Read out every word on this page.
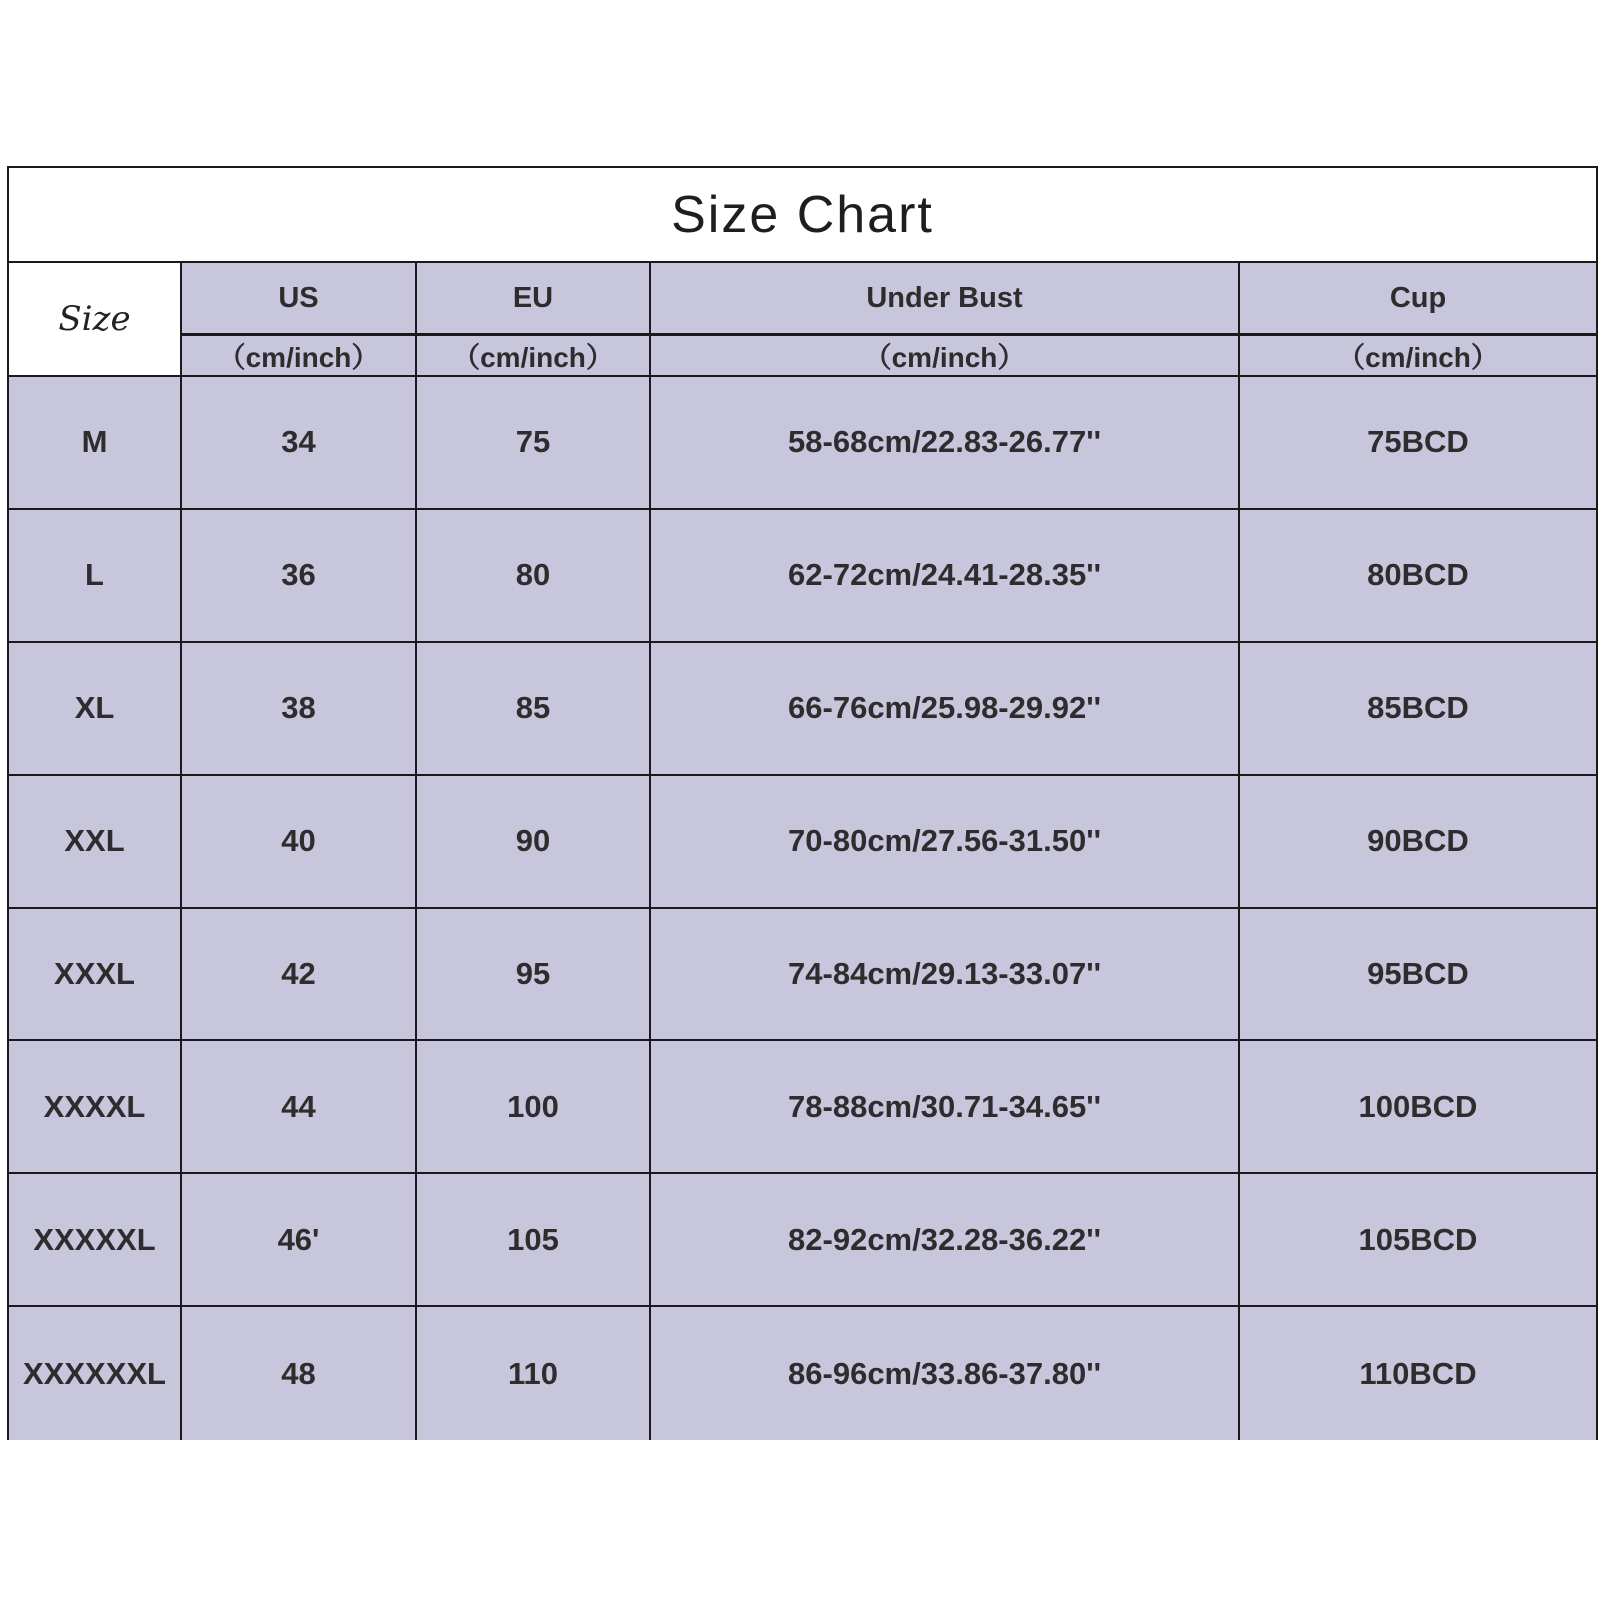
Size Chart
Size
US	EU	Under Bust	Cup
（cm/inch）	（cm/inch）	（cm/inch）	（cm/inch）
M	34	75	58-68cm/22.83-26.77''	75BCD
L	36	80	62-72cm/24.41-28.35''	80BCD
XL	38	85	66-76cm/25.98-29.92''	85BCD
XXL	40	90	70-80cm/27.56-31.50''	90BCD
XXXL	42	95	74-84cm/29.13-33.07''	95BCD
XXXXL	44	100	78-88cm/30.71-34.65''	100BCD
XXXXXL	46'	105	82-92cm/32.28-36.22''	105BCD
XXXXXXL	48	110	86-96cm/33.86-37.80''	110BCD
